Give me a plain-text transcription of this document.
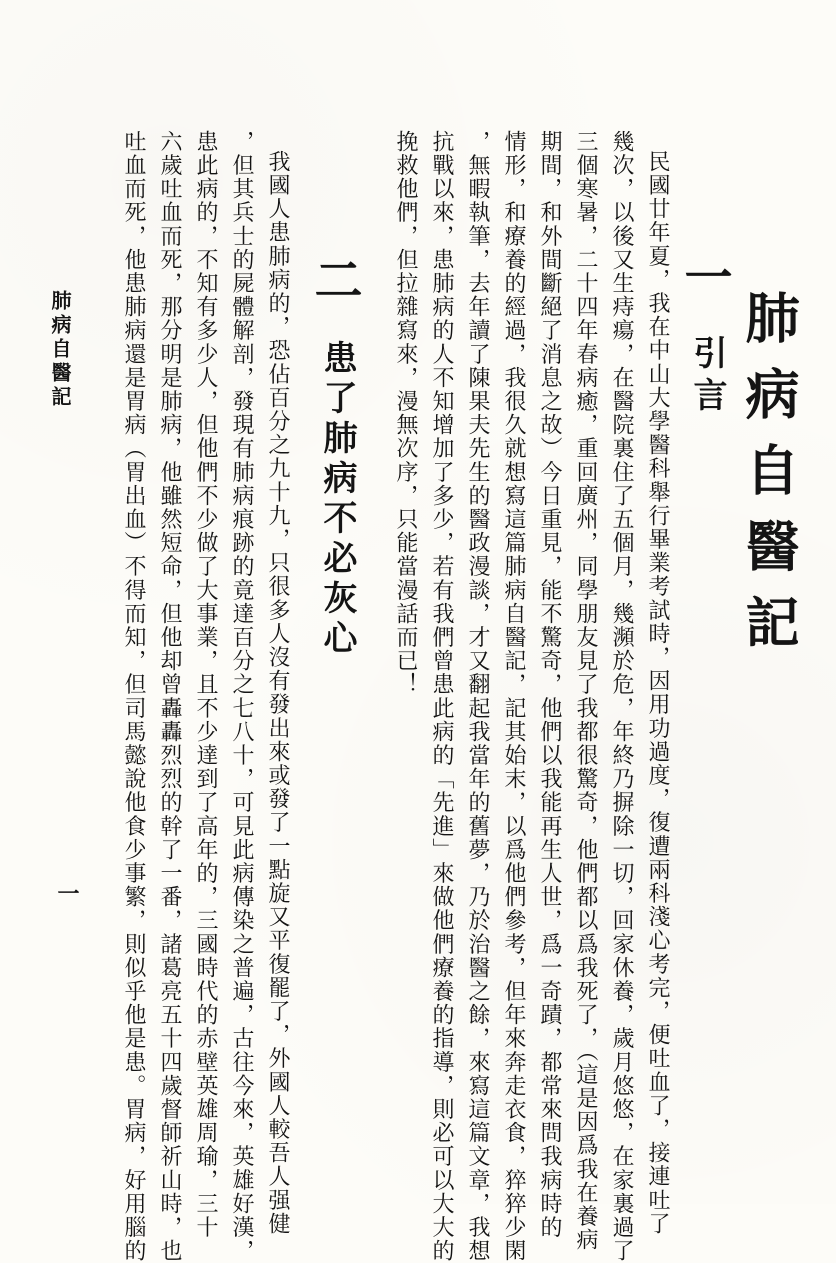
肺病自醫記
一
引言
民國廿年夏，我在中山大學醫科舉行畢業考試時，因用功過度，復遭兩科淺心考完，便吐血了，接連吐了
幾次，以後又生痔瘍，在醫院裏住了五個月，幾瀕於危，年終乃摒除一切，回家休養，歲月悠悠，在家裏過了
三個寒暑，二十四年春病癒，重回廣州，同學朋友見了我都很驚奇，他們都以爲我死了，（這是因爲我在養病
期間，和外間斷絕了消息之故）今日重見，能不驚奇，他們以我能再生人世，爲一奇蹟，都常來問我病時的
情形，和療養的經過，我很久就想寫這篇肺病自醫記，記其始末，以爲他們參考，但年來奔走衣食，猝猝少閑
，無暇執筆，去年讀了陳果夫先生的醫政漫談，才又翻起我當年的舊夢，乃於治醫之餘，來寫這篇文章，我想
抗戰以來，患肺病的人不知增加了多少，若有我們曾患此病的「先進」來做他們療養的指導，則必可以大大的
挽救他們，但拉雜寫來，漫無次序，只能當漫話而已！
二
患了肺病不必灰心
我國人患肺病的，恐佔百分之九十九，只很多人沒有發出來或發了一點旋又平復罷了，外國人較吾人强健
，但其兵士的屍體解剖，發現有肺病痕跡的竟達百分之七八十，可見此病傳染之普遍，古往今來，英雄好漢，
患此病的，不知有多少人，但他們不少做了大事業，且不少達到了高年的，三國時代的赤壁英雄周瑜，三十
六歲吐血而死，那分明是肺病，他雖然短命，但他却曾轟轟烈烈的幹了一番，諸葛亮五十四歲督師祈山時，也
吐血而死，他患肺病還是胃病（胃出血）不得而知，但司馬懿說他食少事繁，則似乎他是患。胃病，好用腦的
肺病自醫記
一
